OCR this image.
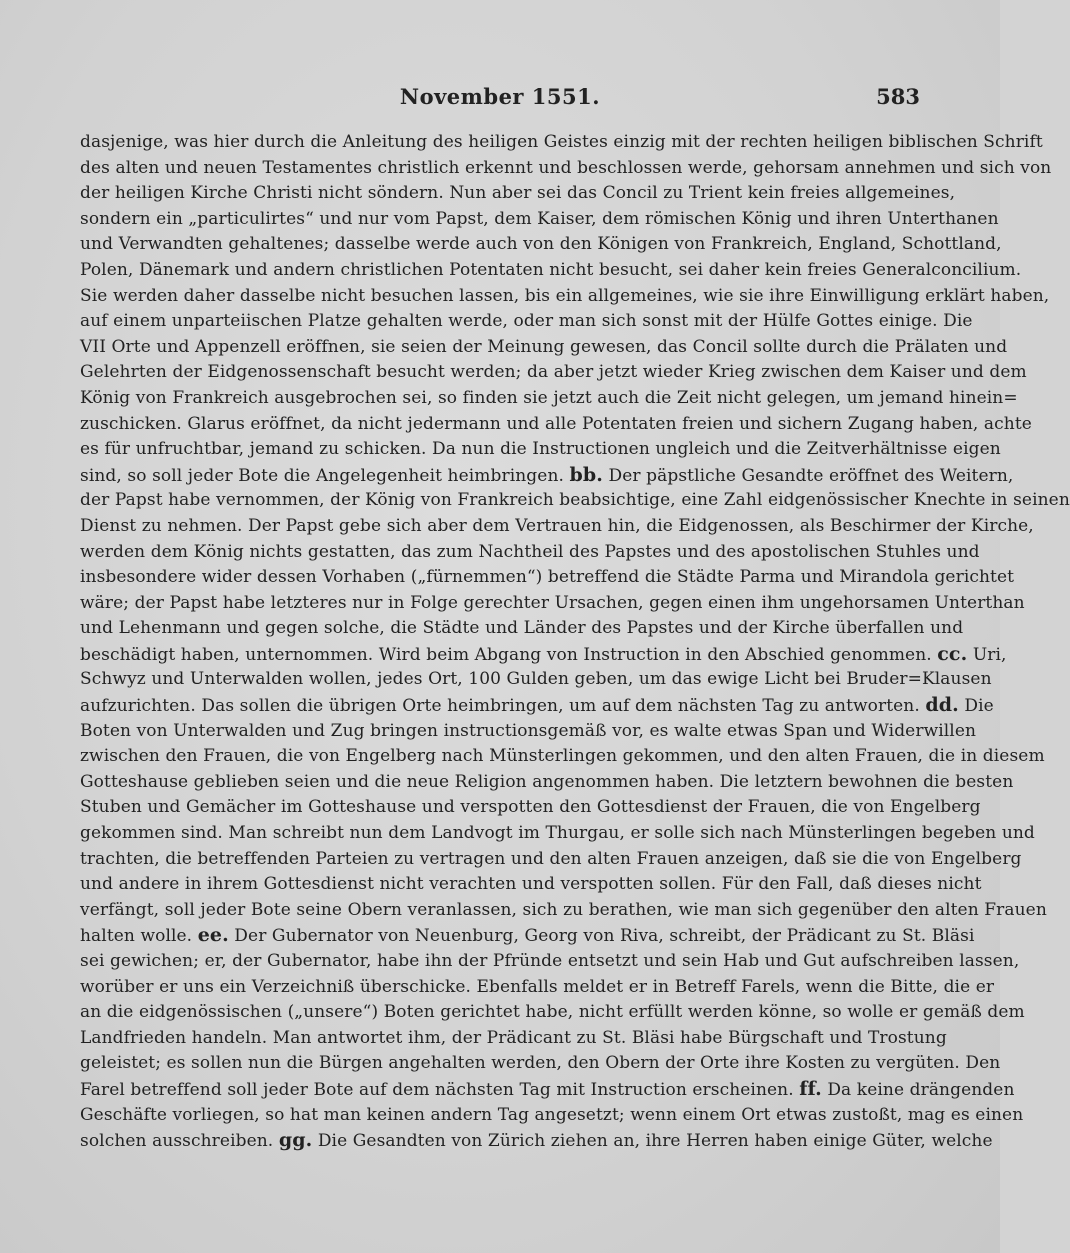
November 1551.	583
dasjenige, was hier durch die Anleitung des heiligen Geistes einzig mit der rechten heiligen biblischen Schrift
des alten und neuen Testamentes christlich erkennt und beschlossen werde, gehorsam annehmen und sich von
der heiligen Kirche Christi nicht söndern. Nun aber sei das Concil zu Trient kein freies allgemeines,
sondern ein „particulirtes“ und nur vom Papst, dem Kaiser, dem römischen König und ihren Unterthanen
und Verwandten gehaltenes; dasselbe werde auch von den Königen von Frankreich, England, Schottland,
Polen, Dänemark und andern christlichen Potentaten nicht besucht, sei daher kein freies Generalconcilium.
Sie werden daher dasselbe nicht besuchen lassen, bis ein allgemeines, wie sie ihre Einwilligung erklärt haben,
auf einem unparteiischen Platze gehalten werde, oder man sich sonst mit der Hülfe Gottes einige. Die
VII Orte und Appenzell eröffnen, sie seien der Meinung gewesen, das Concil sollte durch die Prälaten und
Gelehrten der Eidgenossenschaft besucht werden; da aber jetzt wieder Krieg zwischen dem Kaiser und dem
König von Frankreich ausgebrochen sei, so finden sie jetzt auch die Zeit nicht gelegen, um jemand hinein=
zuschicken. Glarus eröffnet, da nicht jedermann und alle Potentaten freien und sichern Zugang haben, achte
es für unfruchtbar, jemand zu schicken. Da nun die Instructionen ungleich und die Zeitverhältnisse eigen
sind, so soll jeder Bote die Angelegenheit heimbringen. bb. Der päpstliche Gesandte eröffnet des Weitern,
der Papst habe vernommen, der König von Frankreich beabsichtige, eine Zahl eidgenössischer Knechte in seinen
Dienst zu nehmen. Der Papst gebe sich aber dem Vertrauen hin, die Eidgenossen, als Beschirmer der Kirche,
werden dem König nichts gestatten, das zum Nachtheil des Papstes und des apostolischen Stuhles und
insbesondere wider dessen Vorhaben („fürnemmen“) betreffend die Städte Parma und Mirandola gerichtet
wäre; der Papst habe letzteres nur in Folge gerechter Ursachen, gegen einen ihm ungehorsamen Unterthan
und Lehenmann und gegen solche, die Städte und Länder des Papstes und der Kirche überfallen und
beschädigt haben, unternommen. Wird beim Abgang von Instruction in den Abschied genommen. cc. Uri,
Schwyz und Unterwalden wollen, jedes Ort, 100 Gulden geben, um das ewige Licht bei Bruder=Klausen
aufzurichten. Das sollen die übrigen Orte heimbringen, um auf dem nächsten Tag zu antworten. dd. Die
Boten von Unterwalden und Zug bringen instructionsgemäß vor, es walte etwas Span und Widerwillen
zwischen den Frauen, die von Engelberg nach Münsterlingen gekommen, und den alten Frauen, die in diesem
Gotteshause geblieben seien und die neue Religion angenommen haben. Die letztern bewohnen die besten
Stuben und Gemächer im Gotteshause und verspotten den Gottesdienst der Frauen, die von Engelberg
gekommen sind. Man schreibt nun dem Landvogt im Thurgau, er solle sich nach Münsterlingen begeben und
trachten, die betreffenden Parteien zu vertragen und den alten Frauen anzeigen, daß sie die von Engelberg
und andere in ihrem Gottesdienst nicht verachten und verspotten sollen. Für den Fall, daß dieses nicht
verfängt, soll jeder Bote seine Obern veranlassen, sich zu berathen, wie man sich gegenüber den alten Frauen
halten wolle. ee. Der Gubernator von Neuenburg, Georg von Riva, schreibt, der Prädicant zu St. Bläsi
sei gewichen; er, der Gubernator, habe ihn der Pfründe entsetzt und sein Hab und Gut aufschreiben lassen,
worüber er uns ein Verzeichniß überschicke. Ebenfalls meldet er in Betreff Farels, wenn die Bitte, die er
an die eidgenössischen („unsere“) Boten gerichtet habe, nicht erfüllt werden könne, so wolle er gemäß dem
Landfrieden handeln. Man antwortet ihm, der Prädicant zu St. Bläsi habe Bürgschaft und Trostung
geleistet; es sollen nun die Bürgen angehalten werden, den Obern der Orte ihre Kosten zu vergüten. Den
Farel betreffend soll jeder Bote auf dem nächsten Tag mit Instruction erscheinen. ff. Da keine drängenden
Geschäfte vorliegen, so hat man keinen andern Tag angesetzt; wenn einem Ort etwas zustoßt, mag es einen
solchen ausschreiben. gg. Die Gesandten von Zürich ziehen an, ihre Herren haben einige Güter, welche
